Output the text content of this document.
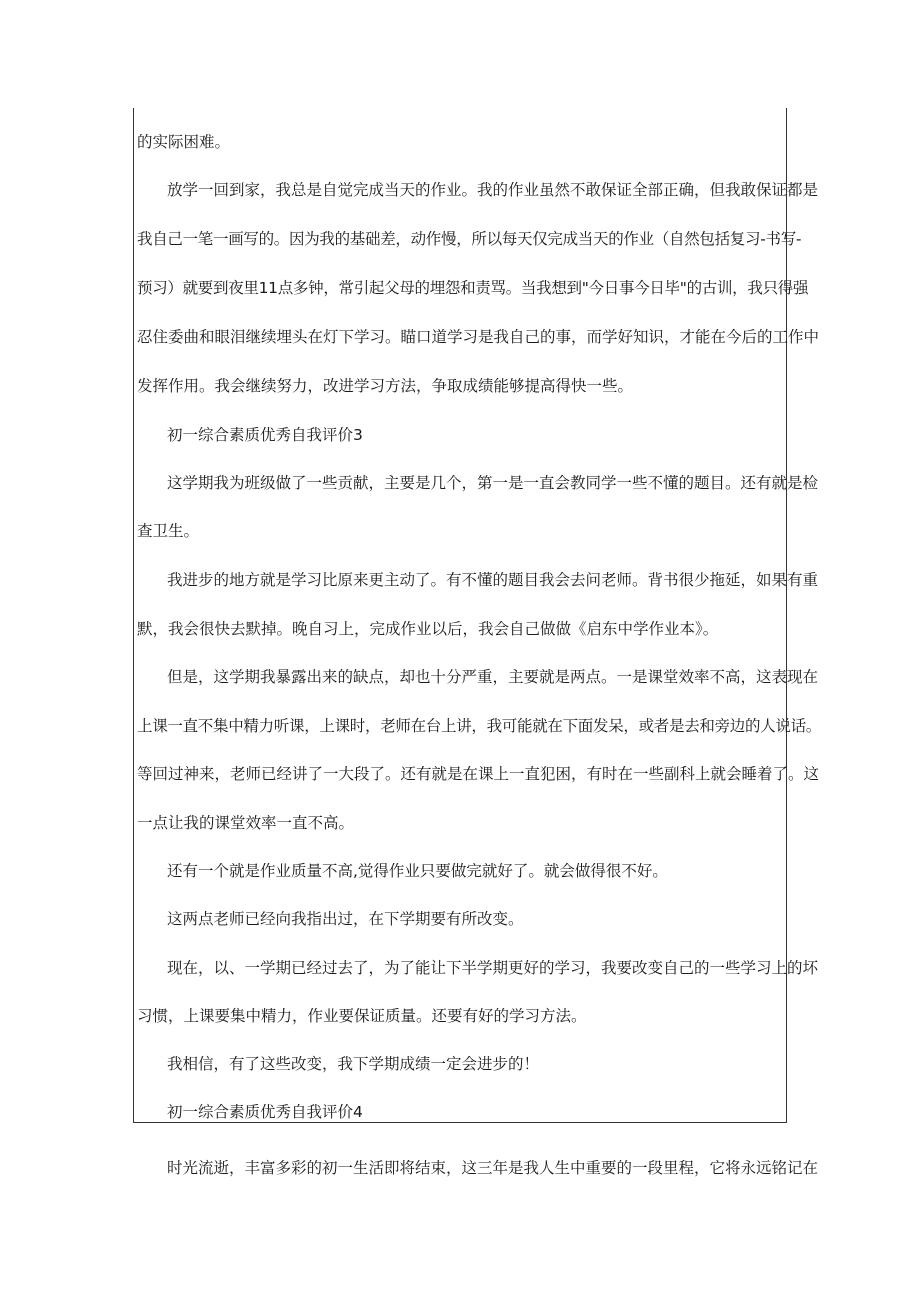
的实际困难。
放学一回到家，我总是自觉完成当天的作业。我的作业虽然不敢保证全部正确，但我敢保证都是
我自己一笔一画写的。因为我的基础差，动作慢，所以每天仅完成当天的作业（自然包括复习-书写-
预习）就要到夜里11点多钟，常引起父母的埋怨和责骂。当我想到"今日事今日毕"的古训，我只得强
忍住委曲和眼泪继续埋头在灯下学习。瞄口道学习是我自己的事，而学好知识，才能在今后的工作中
发挥作用。我会继续努力，改进学习方法，争取成绩能够提高得快一些。
初一综合素质优秀自我评价3
这学期我为班级做了一些贡献，主要是几个，第一是一直会教同学一些不懂的题目。还有就是检
查卫生。
我进步的地方就是学习比原来更主动了。有不懂的题目我会去问老师。背书很少拖延，如果有重
默，我会很快去默掉。晚自习上，完成作业以后，我会自己做做《启东中学作业本》。
但是，这学期我暴露出来的缺点，却也十分严重，主要就是两点。一是课堂效率不高，这表现在
上课一直不集中精力听课，上课时，老师在台上讲，我可能就在下面发呆，或者是去和旁边的人说话。
等回过神来，老师已经讲了一大段了。还有就是在课上一直犯困，有时在一些副科上就会睡着了。这
一点让我的课堂效率一直不高。
还有一个就是作业质量不高,觉得作业只要做完就好了。就会做得很不好。
这两点老师已经向我指出过，在下学期要有所改变。
现在，以、一学期已经过去了，为了能让下半学期更好的学习，我要改变自己的一些学习上的坏
习惯，上课要集中精力，作业要保证质量。还要有好的学习方法。
我相信，有了这些改变，我下学期成绩一定会进步的！
初一综合素质优秀自我评价4
时光流逝，丰富多彩的初一生活即将结束，这三年是我人生中重要的一段里程，它将永远铭记在
